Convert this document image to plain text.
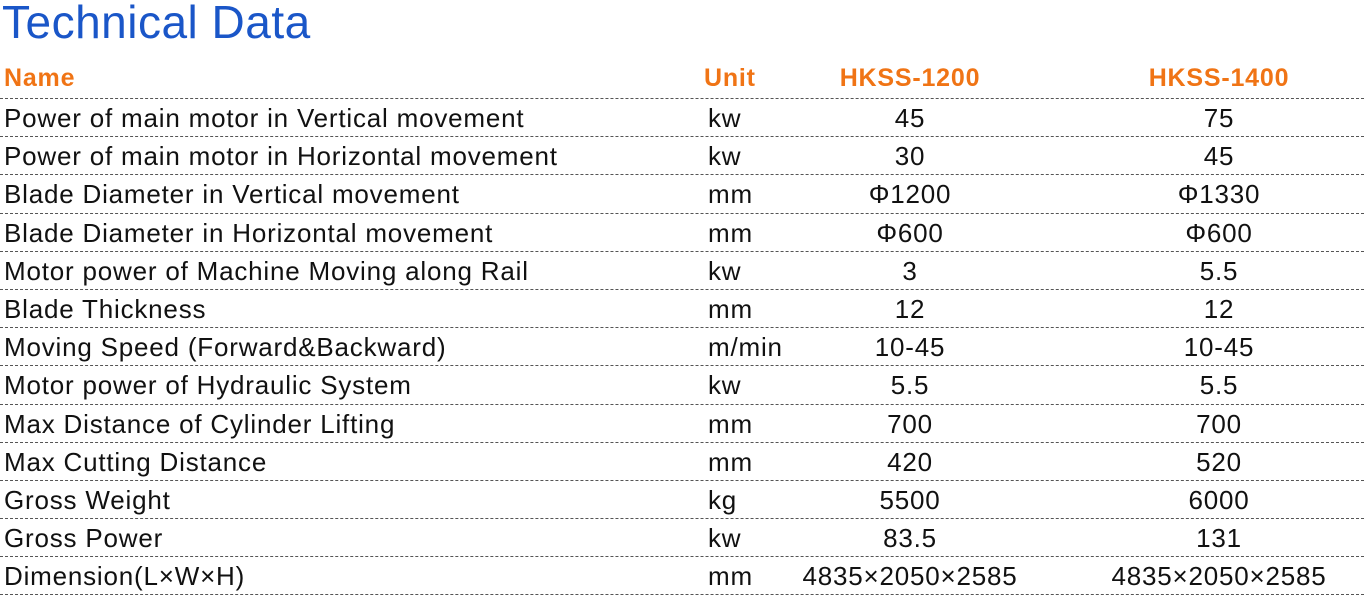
Technical Data
Name	Unit	HKSS-1200	HKSS-1400
Power of main motor in Vertical movement	kw	45	75
Power of main motor in Horizontal movement	kw	30	45
Blade Diameter in Vertical movement	mm	Φ1200	Φ1330
Blade Diameter in Horizontal movement	mm	Φ600	Φ600
Motor power of Machine Moving along Rail	kw	3	5.5
Blade Thickness	mm	12	12
Moving Speed (Forward&Backward)	m/min	10-45	10-45
Motor power of Hydraulic System	kw	5.5	5.5
Max Distance of Cylinder Lifting	mm	700	700
Max Cutting Distance	mm	420	520
Gross Weight	kg	5500	6000
Gross Power	kw	83.5	131
Dimension(L×W×H)	mm	4835×2050×2585	4835×2050×2585
